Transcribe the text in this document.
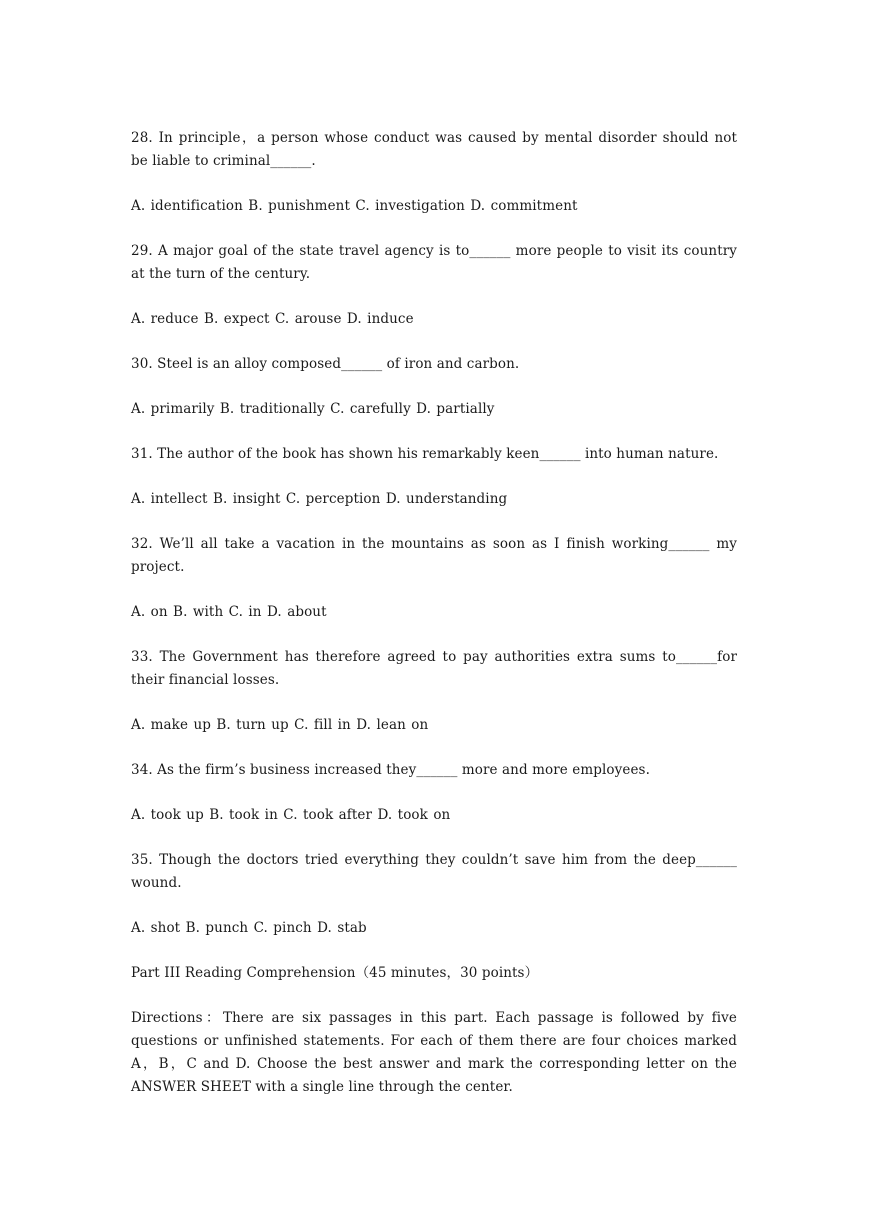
28. In principle，a person whose conduct was caused by mental disorder should not be liable to criminal______.

A. identification B. punishment C. investigation D. commitment

29. A major goal of the state travel agency is to______ more people to visit its country at the turn of the century.

A. reduce B. expect C. arouse D. induce

30. Steel is an alloy composed______ of iron and carbon.

A. primarily B. traditionally C. carefully D. partially

31. The author of the book has shown his remarkably keen______ into human nature.

A. intellect B. insight C. perception D. understanding

32. We’ll all take a vacation in the mountains as soon as I finish working______ my project.

A. on B. with C. in D. about

33. The Government has therefore agreed to pay authorities extra sums to______for their financial losses.

A. make up B. turn up C. fill in D. lean on

34. As the firm’s business increased they______ more and more employees.

A. took up B. took in C. took after D. took on

35. Though the doctors tried everything they couldn’t save him from the deep______ wound.

A. shot B. punch C. pinch D. stab

Part III Reading Comprehension（45 minutes，30 points）

Directions：There are six passages in this part. Each passage is followed by five questions or unfinished statements. For each of them there are four choices marked A，B，C and D. Choose the best answer and mark the corresponding letter on the ANSWER SHEET with a single line through the center.
